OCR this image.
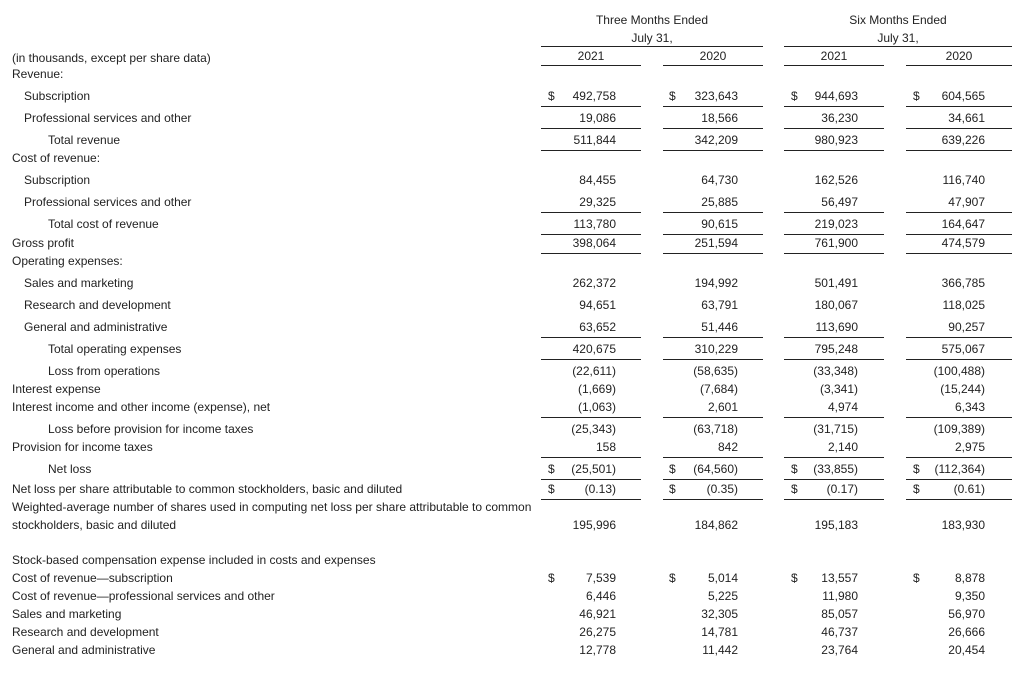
Three Months Ended
July 31,
Six Months Ended
July 31,
2021	2020	2021	2020
(in thousands, except per share data)
Revenue:
Subscription	$	492,758	$	323,643	$	944,693	$	604,565
Professional services and other	19,086	18,566	36,230	34,661
Total revenue	511,844	342,209	980,923	639,226
Cost of revenue:
Subscription	84,455	64,730	162,526	116,740
Professional services and other	29,325	25,885	56,497	47,907
Total cost of revenue	113,780	90,615	219,023	164,647
Gross profit	398,064	251,594	761,900	474,579
Operating expenses:
Sales and marketing	262,372	194,992	501,491	366,785
Research and development	94,651	63,791	180,067	118,025
General and administrative	63,652	51,446	113,690	90,257
Total operating expenses	420,675	310,229	795,248	575,067
Loss from operations	(22,611)	(58,635)	(33,348)	(100,488)
Interest expense	(1,669)	(7,684)	(3,341)	(15,244)
Interest income and other income (expense), net	(1,063)	2,601	4,974	6,343
Loss before provision for income taxes	(25,343)	(63,718)	(31,715)	(109,389)
Provision for income taxes	158	842	2,140	2,975
Net loss	$	(25,501)	$	(64,560)	$	(33,855)	$	(112,364)
Net loss per share attributable to common stockholders, basic and diluted	$	(0.13)	$	(0.35)	$	(0.17)	$	(0.61)
Weighted-average number of shares used in computing net loss per share attributable to common
stockholders, basic and diluted	195,996	184,862	195,183	183,930
Stock-based compensation expense included in costs and expenses
Cost of revenue—subscription	$	7,539	$	5,014	$	13,557	$	8,878
Cost of revenue—professional services and other	6,446	5,225	11,980	9,350
Sales and marketing	46,921	32,305	85,057	56,970
Research and development	26,275	14,781	46,737	26,666
General and administrative	12,778	11,442	23,764	20,454
